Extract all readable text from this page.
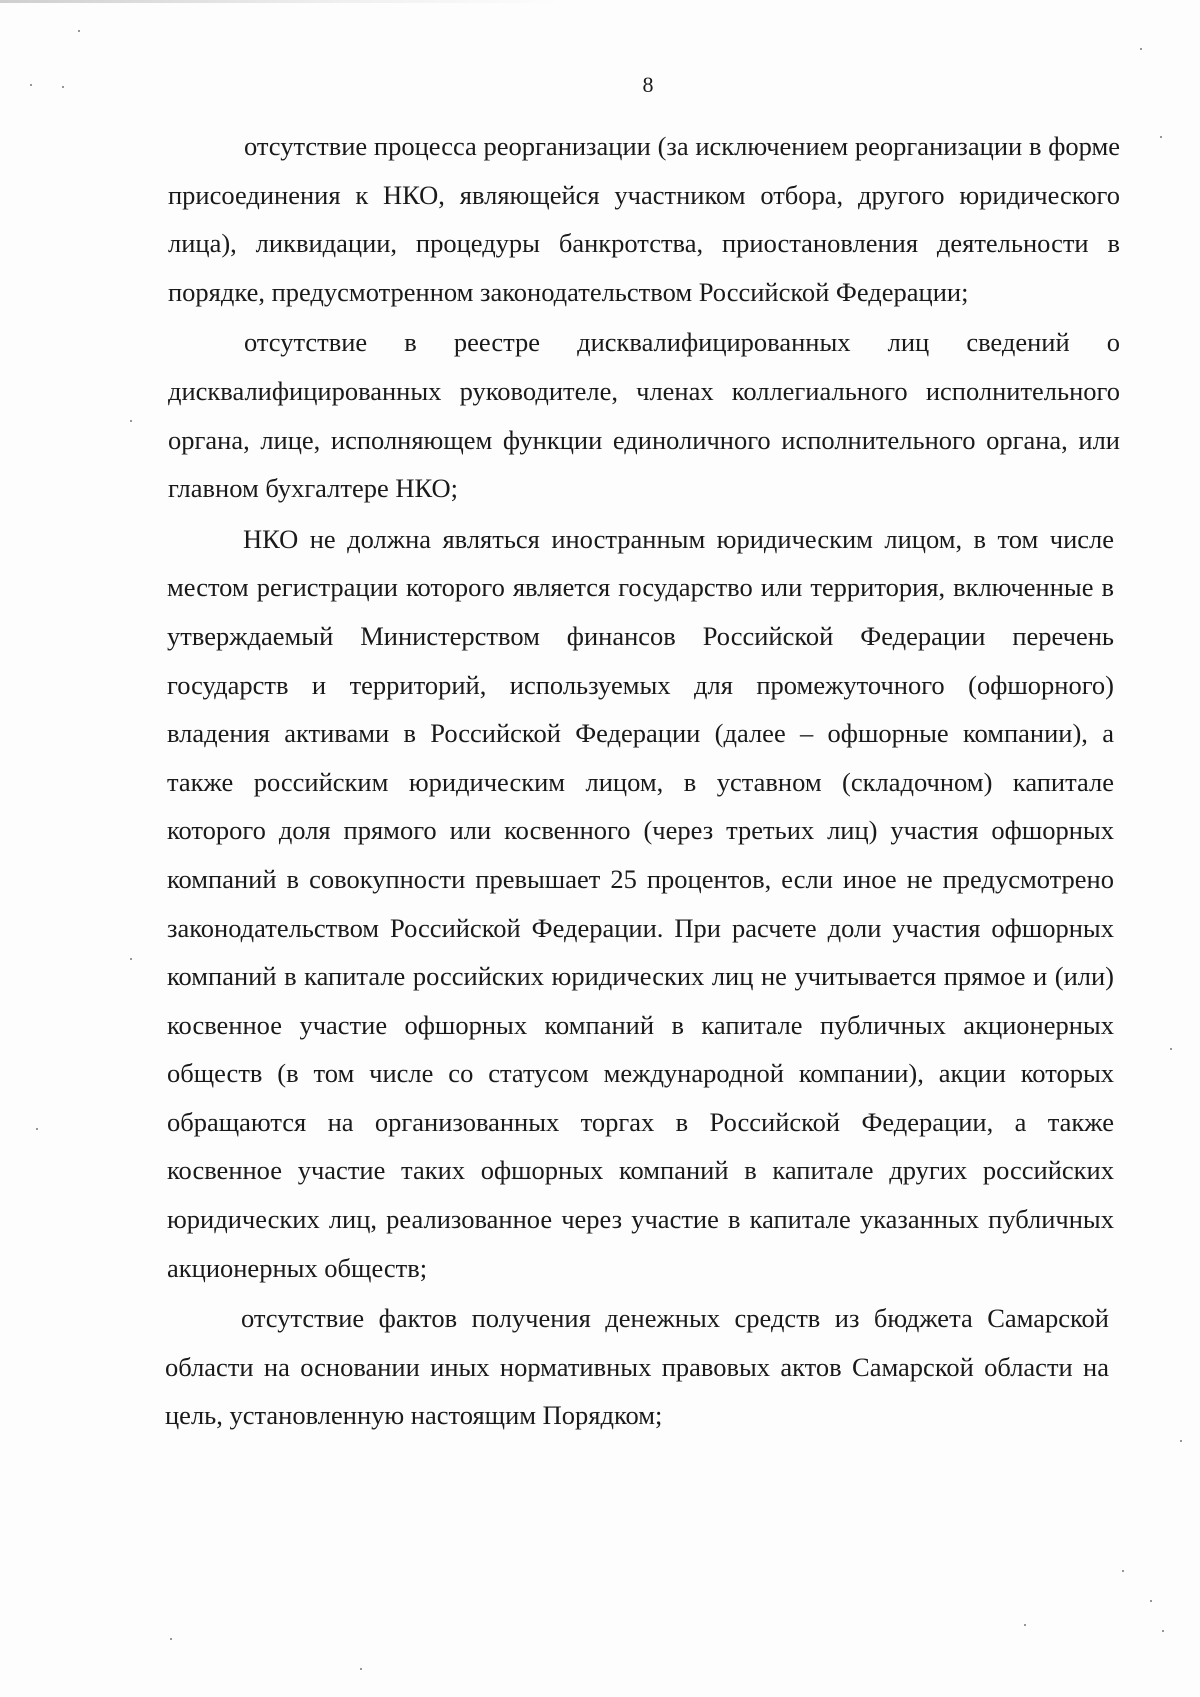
8

отсутствие процесса реорганизации (за исключением реорганизации в форме присоединения к НКО, являющейся участником отбора, другого юридического лица), ликвидации, процедуры банкротства, приостановления деятельности в порядке, предусмотренном законодательством Российской Федерации;

отсутствие в реестре дисквалифицированных лиц сведений о дисквалифицированных руководителе, членах коллегиального исполнительного органа, лице, исполняющем функции единоличного исполнительного органа, или главном бухгалтере НКО;

НКО не должна являться иностранным юридическим лицом, в том числе местом регистрации которого является государство или территория, включенные в утверждаемый Министерством финансов Российской Федерации перечень государств и территорий, используемых для промежуточного (офшорного) владения активами в Российской Федерации (далее – офшорные компании), а также российским юридическим лицом, в уставном (складочном) капитале которого доля прямого или косвенного (через третьих лиц) участия офшорных компаний в совокупности превышает 25 процентов, если иное не предусмотрено законодательством Российской Федерации. При расчете доли участия офшорных компаний в капитале российских юридических лиц не учитывается прямое и (или) косвенное участие офшорных компаний в капитале публичных акционерных обществ (в том числе со статусом международной компании), акции которых обращаются на организованных торгах в Российской Федерации, а также косвенное участие таких офшорных компаний в капитале других российских юридических лиц, реализованное через участие в капитале указанных публичных акционерных обществ;

отсутствие фактов получения денежных средств из бюджета Самарской области на основании иных нормативных правовых актов Самарской области на цель, установленную настоящим Порядком;
